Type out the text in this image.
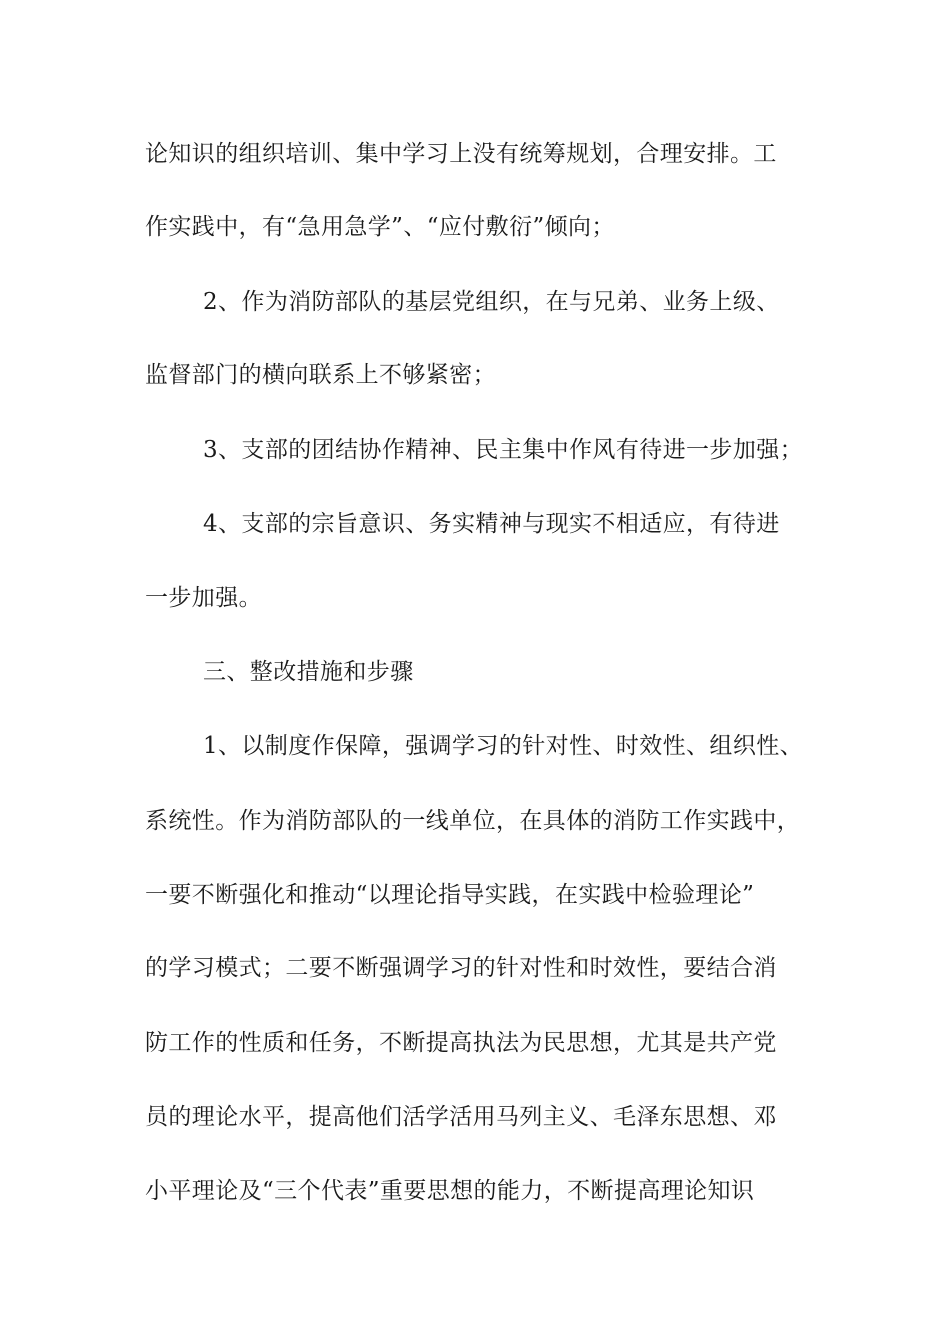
论知识的组织培训、集中学习上没有统筹规划，合理安排。工
作实践中，有“急用急学”、“应付敷衍”倾向；
2、作为消防部队的基层党组织，在与兄弟、业务上级、
监督部门的横向联系上不够紧密；
3、支部的团结协作精神、民主集中作风有待进一步加强；
4、支部的宗旨意识、务实精神与现实不相适应，有待进
一步加强。
三、整改措施和步骤
1、以制度作保障，强调学习的针对性、时效性、组织性、
系统性。作为消防部队的一线单位，在具体的消防工作实践中，
一要不断强化和推动“以理论指导实践，在实践中检验理论”
的学习模式；二要不断强调学习的针对性和时效性，要结合消
防工作的性质和任务，不断提高执法为民思想，尤其是共产党
员的理论水平，提高他们活学活用马列主义、毛泽东思想、邓
小平理论及“三个代表”重要思想的能力，不断提高理论知识
